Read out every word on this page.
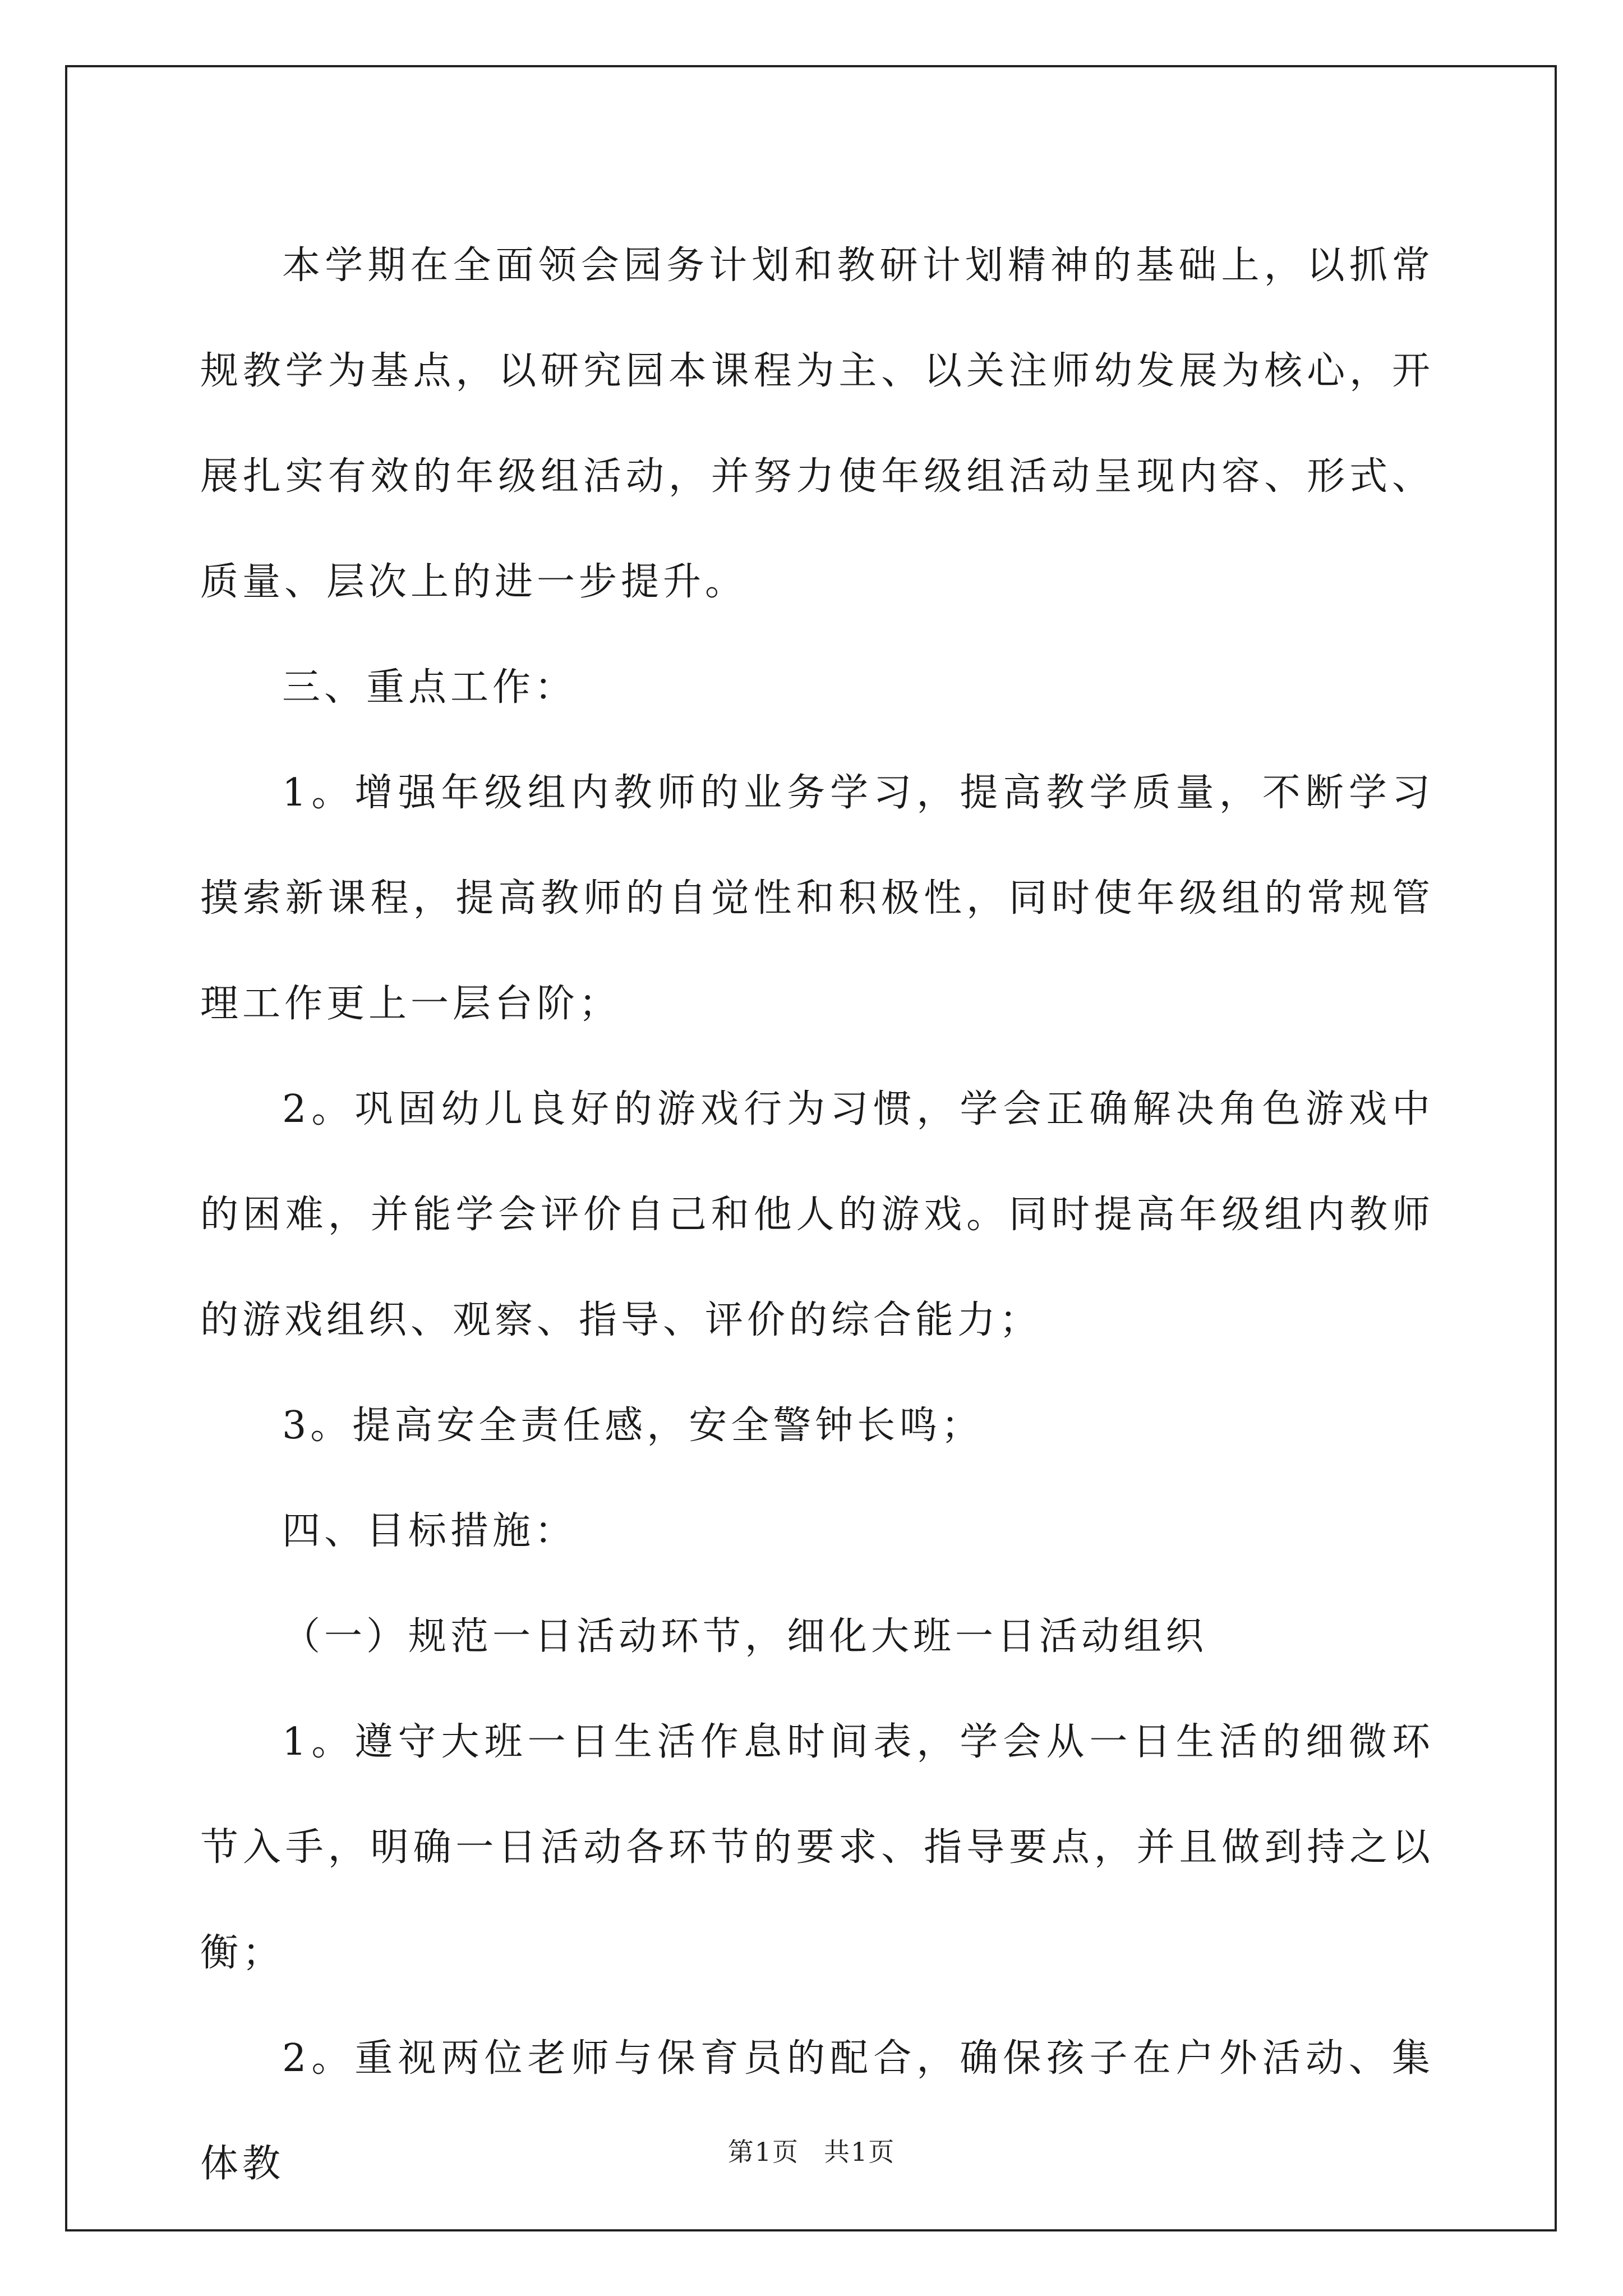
本学期在全面领会园务计划和教研计划精神的基础上，以抓常规教学为基点，以研究园本课程为主、以关注师幼发展为核心，开展扎实有效的年级组活动，并努力使年级组活动呈现内容、形式、质量、层次上的进一步提升。

三、重点工作：

1。增强年级组内教师的业务学习，提高教学质量，不断学习摸索新课程，提高教师的自觉性和积极性，同时使年级组的常规管理工作更上一层台阶；

2。巩固幼儿良好的游戏行为习惯，学会正确解决角色游戏中的困难，并能学会评价自己和他人的游戏。同时提高年级组内教师的游戏组织、观察、指导、评价的综合能力；

3。提高安全责任感，安全警钟长鸣；

四、目标措施：

（一）规范一日活动环节，细化大班一日活动组织

1。遵守大班一日生活作息时间表，学会从一日生活的细微环节入手，明确一日活动各环节的要求、指导要点，并且做到持之以衡；

2。重视两位老师与保育员的配合，确保孩子在户外活动、集体教	第1页 共1页
